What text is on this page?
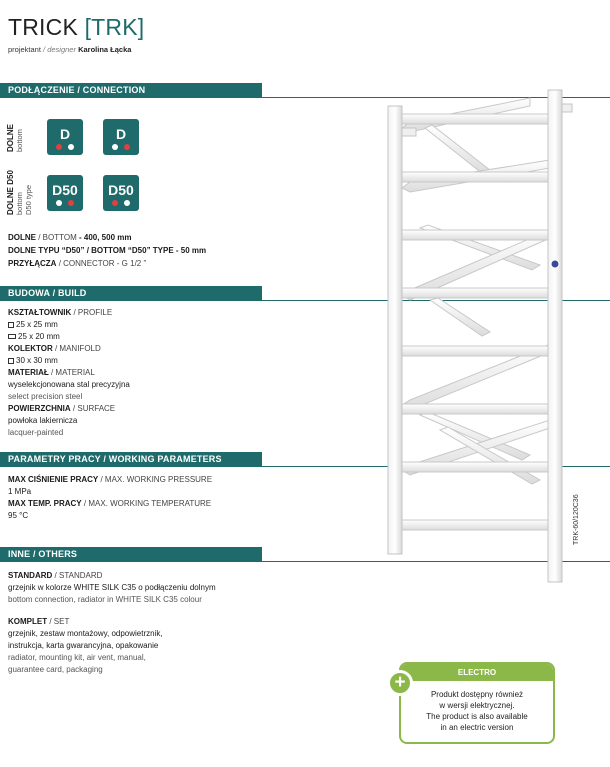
TRICK [TRK]
projektant / designer Karolina Łącka
PODŁĄCZENIE / CONNECTION
DOLNE bottom	D	D
DOLNE D50 bottom D50 type	D50	D50
DOLNE / BOTTOM - 400, 500 mm
DOLNE TYPU “D50” / BOTTOM “D50” TYPE - 50 mm
PRZYŁĄCZA / CONNECTOR - G 1/2 ”
BUDOWA / BUILD
KSZTAŁTOWNIK / PROFILE
25 x 25 mm
25 x 20 mm
KOLEKTOR / MANIFOLD
30 x 30 mm
MATERIAŁ / MATERIAL
wyselekcjonowana stal precyzyjna
select precision steel
POWIERZCHNIA / SURFACE
powłoka lakiernicza
lacquer-painted
PARAMETRY PRACY / WORKING PARAMETERS
MAX CIŚNIENIE PRACY / MAX. WORKING PRESSURE
1 MPa
MAX TEMP. PRACY / MAX. WORKING TEMPERATURE
95 °C
INNE / OTHERS
STANDARD / STANDARD
grzejnik w kolorze WHITE SILK C35 o podłączeniu dolnym
bottom connection, radiator in WHITE SILK C35 colour
KOMPLET / SET
grzejnik, zestaw montażowy, odpowietrznik,
instrukcja, karta gwarancyjna, opakowanie
radiator, mounting kit, air vent, manual,
guarantee card, packaging
TRK-60/120C36
ELECTRO
+
Produkt dostępny również
w wersji elektrycznej.
The product is also available
in an electric version
